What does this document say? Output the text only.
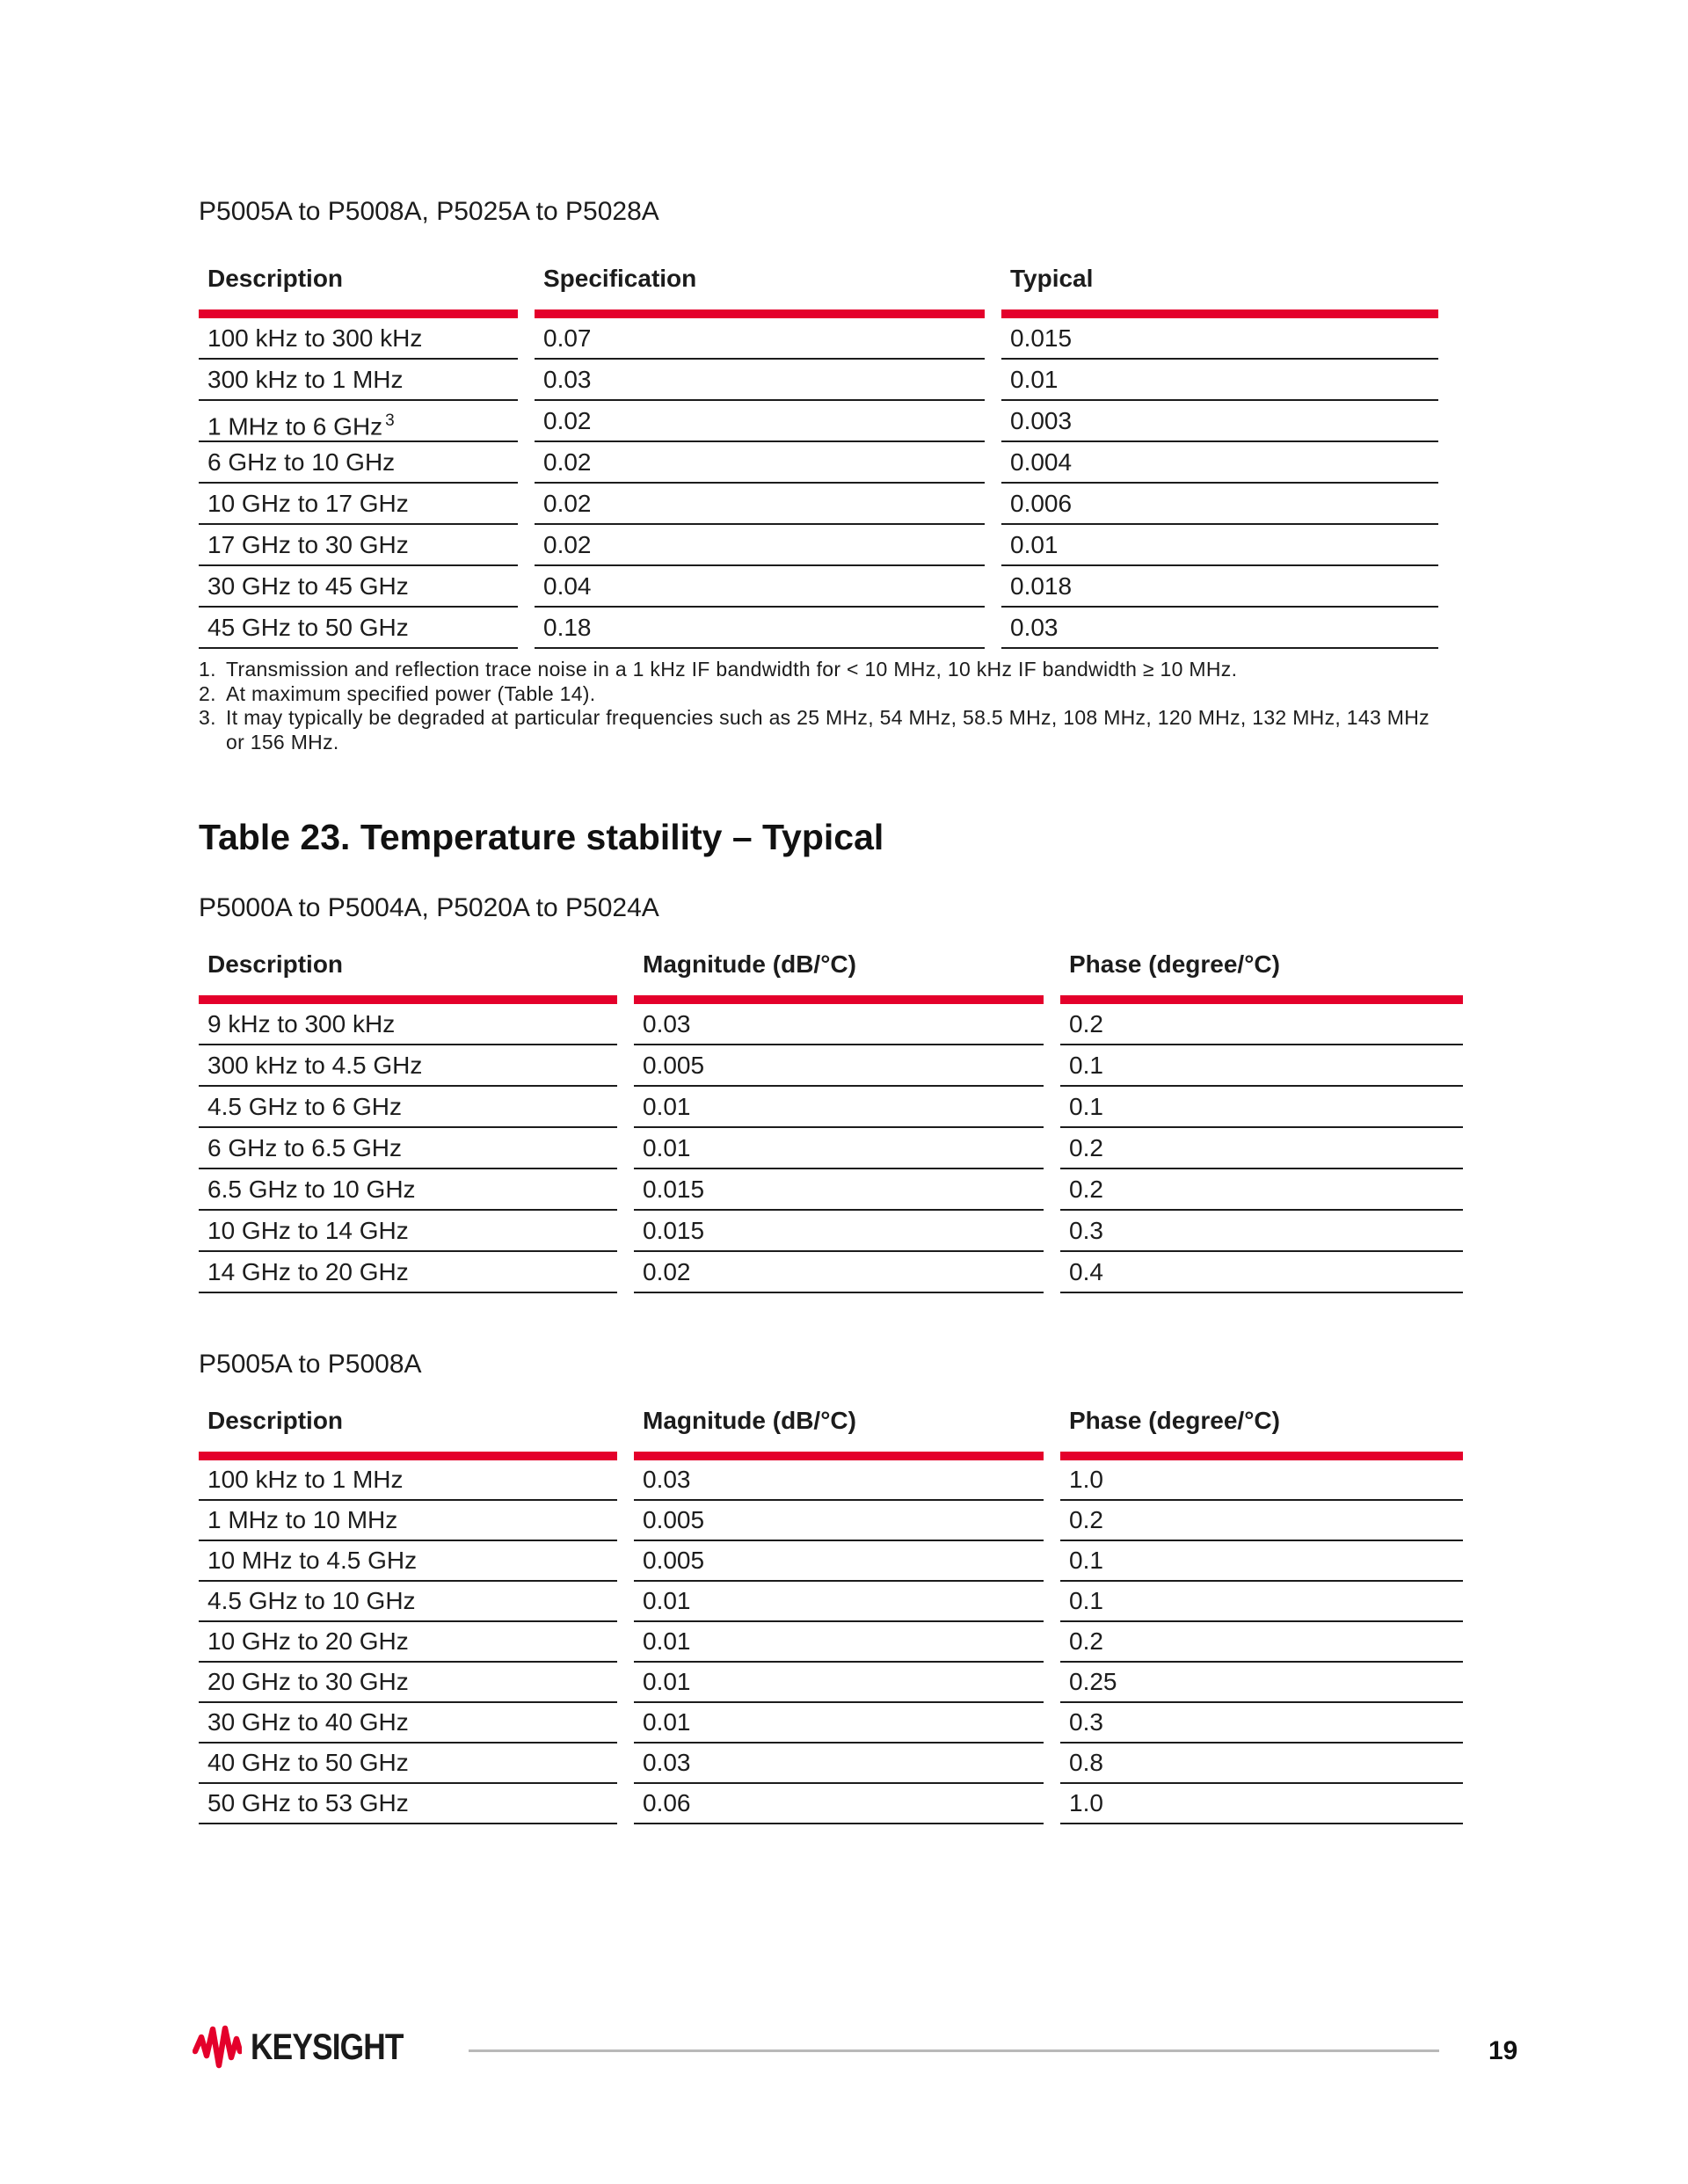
P5005A to P5008A, P5025A to P5028A
Description	Specification	Typical
100 kHz to 300 kHz	0.07	0.015
300 kHz to 1 MHz	0.03	0.01
1 MHz to 6 GHz $^3$	0.02	0.003
6 GHz to 10 GHz	0.02	0.004
10 GHz to 17 GHz	0.02	0.006
17 GHz to 30 GHz	0.02	0.01
30 GHz to 45 GHz	0.04	0.018
45 GHz to 50 GHz	0.18	0.03
1. Transmission and reflection trace noise in a 1 kHz IF bandwidth for < 10 MHz, 10 kHz IF bandwidth ≥ 10 MHz.
2. At maximum specified power (Table 14).
3. It may typically be degraded at particular frequencies such as 25 MHz, 54 MHz, 58.5 MHz, 108 MHz, 120 MHz, 132 MHz, 143 MHz or 156 MHz.
Table 23. Temperature stability – Typical
P5000A to P5004A, P5020A to P5024A
Description	Magnitude (dB/°C)	Phase (degree/°C)
9 kHz to 300 kHz	0.03	0.2
300 kHz to 4.5 GHz	0.005	0.1
4.5 GHz to 6 GHz	0.01	0.1
6 GHz to 6.5 GHz	0.01	0.2
6.5 GHz to 10 GHz	0.015	0.2
10 GHz to 14 GHz	0.015	0.3
14 GHz to 20 GHz	0.02	0.4
P5005A to P5008A
Description	Magnitude (dB/°C)	Phase (degree/°C)
100 kHz to 1 MHz	0.03	1.0
1 MHz to 10 MHz	0.005	0.2
10 MHz to 4.5 GHz	0.005	0.1
4.5 GHz to 10 GHz	0.01	0.1
10 GHz to 20 GHz	0.01	0.2
20 GHz to 30 GHz	0.01	0.25
30 GHz to 40 GHz	0.01	0.3
40 GHz to 50 GHz	0.03	0.8
50 GHz to 53 GHz	0.06	1.0
KEYSIGHT	19
